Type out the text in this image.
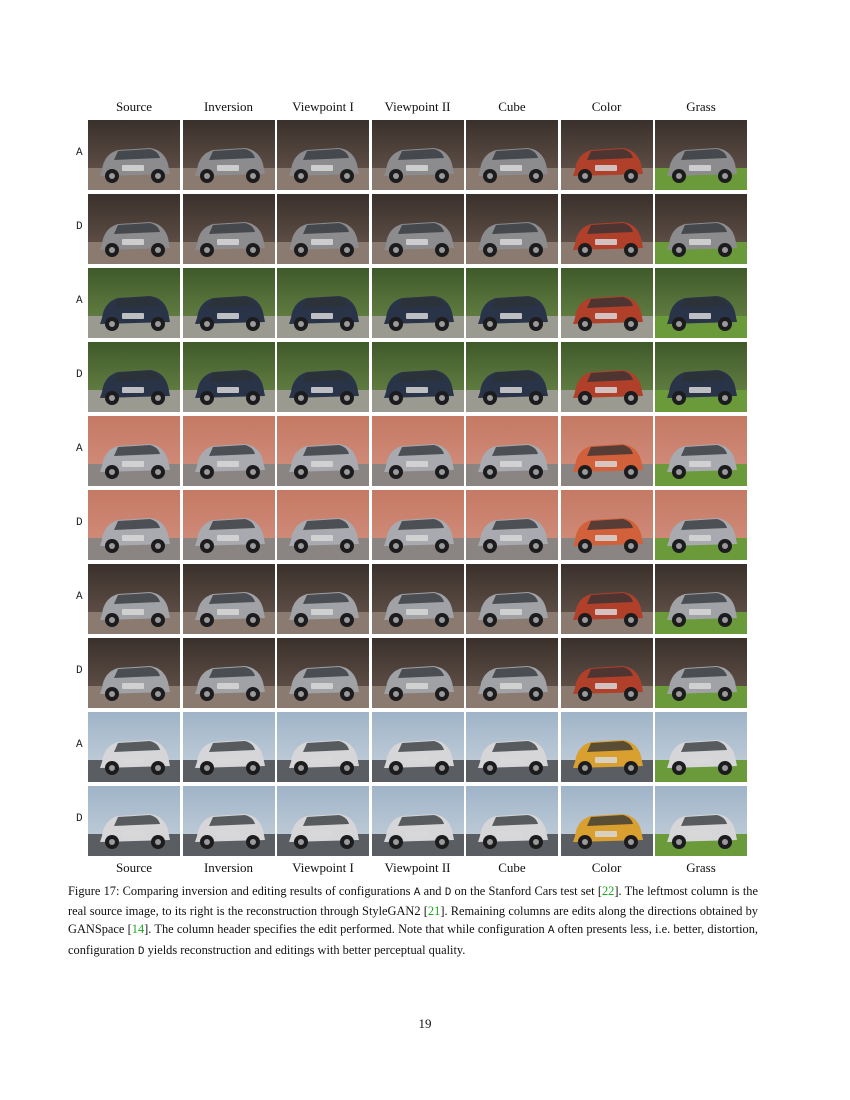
Source	Inversion	Viewpoint I	Viewpoint II	Cube	Color	Grass
A
D
A
D
A
D
A
D
A
D
Source	Inversion	Viewpoint I	Viewpoint II	Cube	Color	Grass
Figure 17: Comparing inversion and editing results of configurations A and D on the Stanford Cars test set [22]. The leftmost column is the real source image, to its right is the reconstruction through StyleGAN2 [21]. Remaining columns are edits along the directions obtained by GANSpace [14]. The column header specifies the edit performed. Note that while configuration A often presents less, i.e. better, distortion, configuration D yields reconstruction and editings with better perceptual quality.
19
